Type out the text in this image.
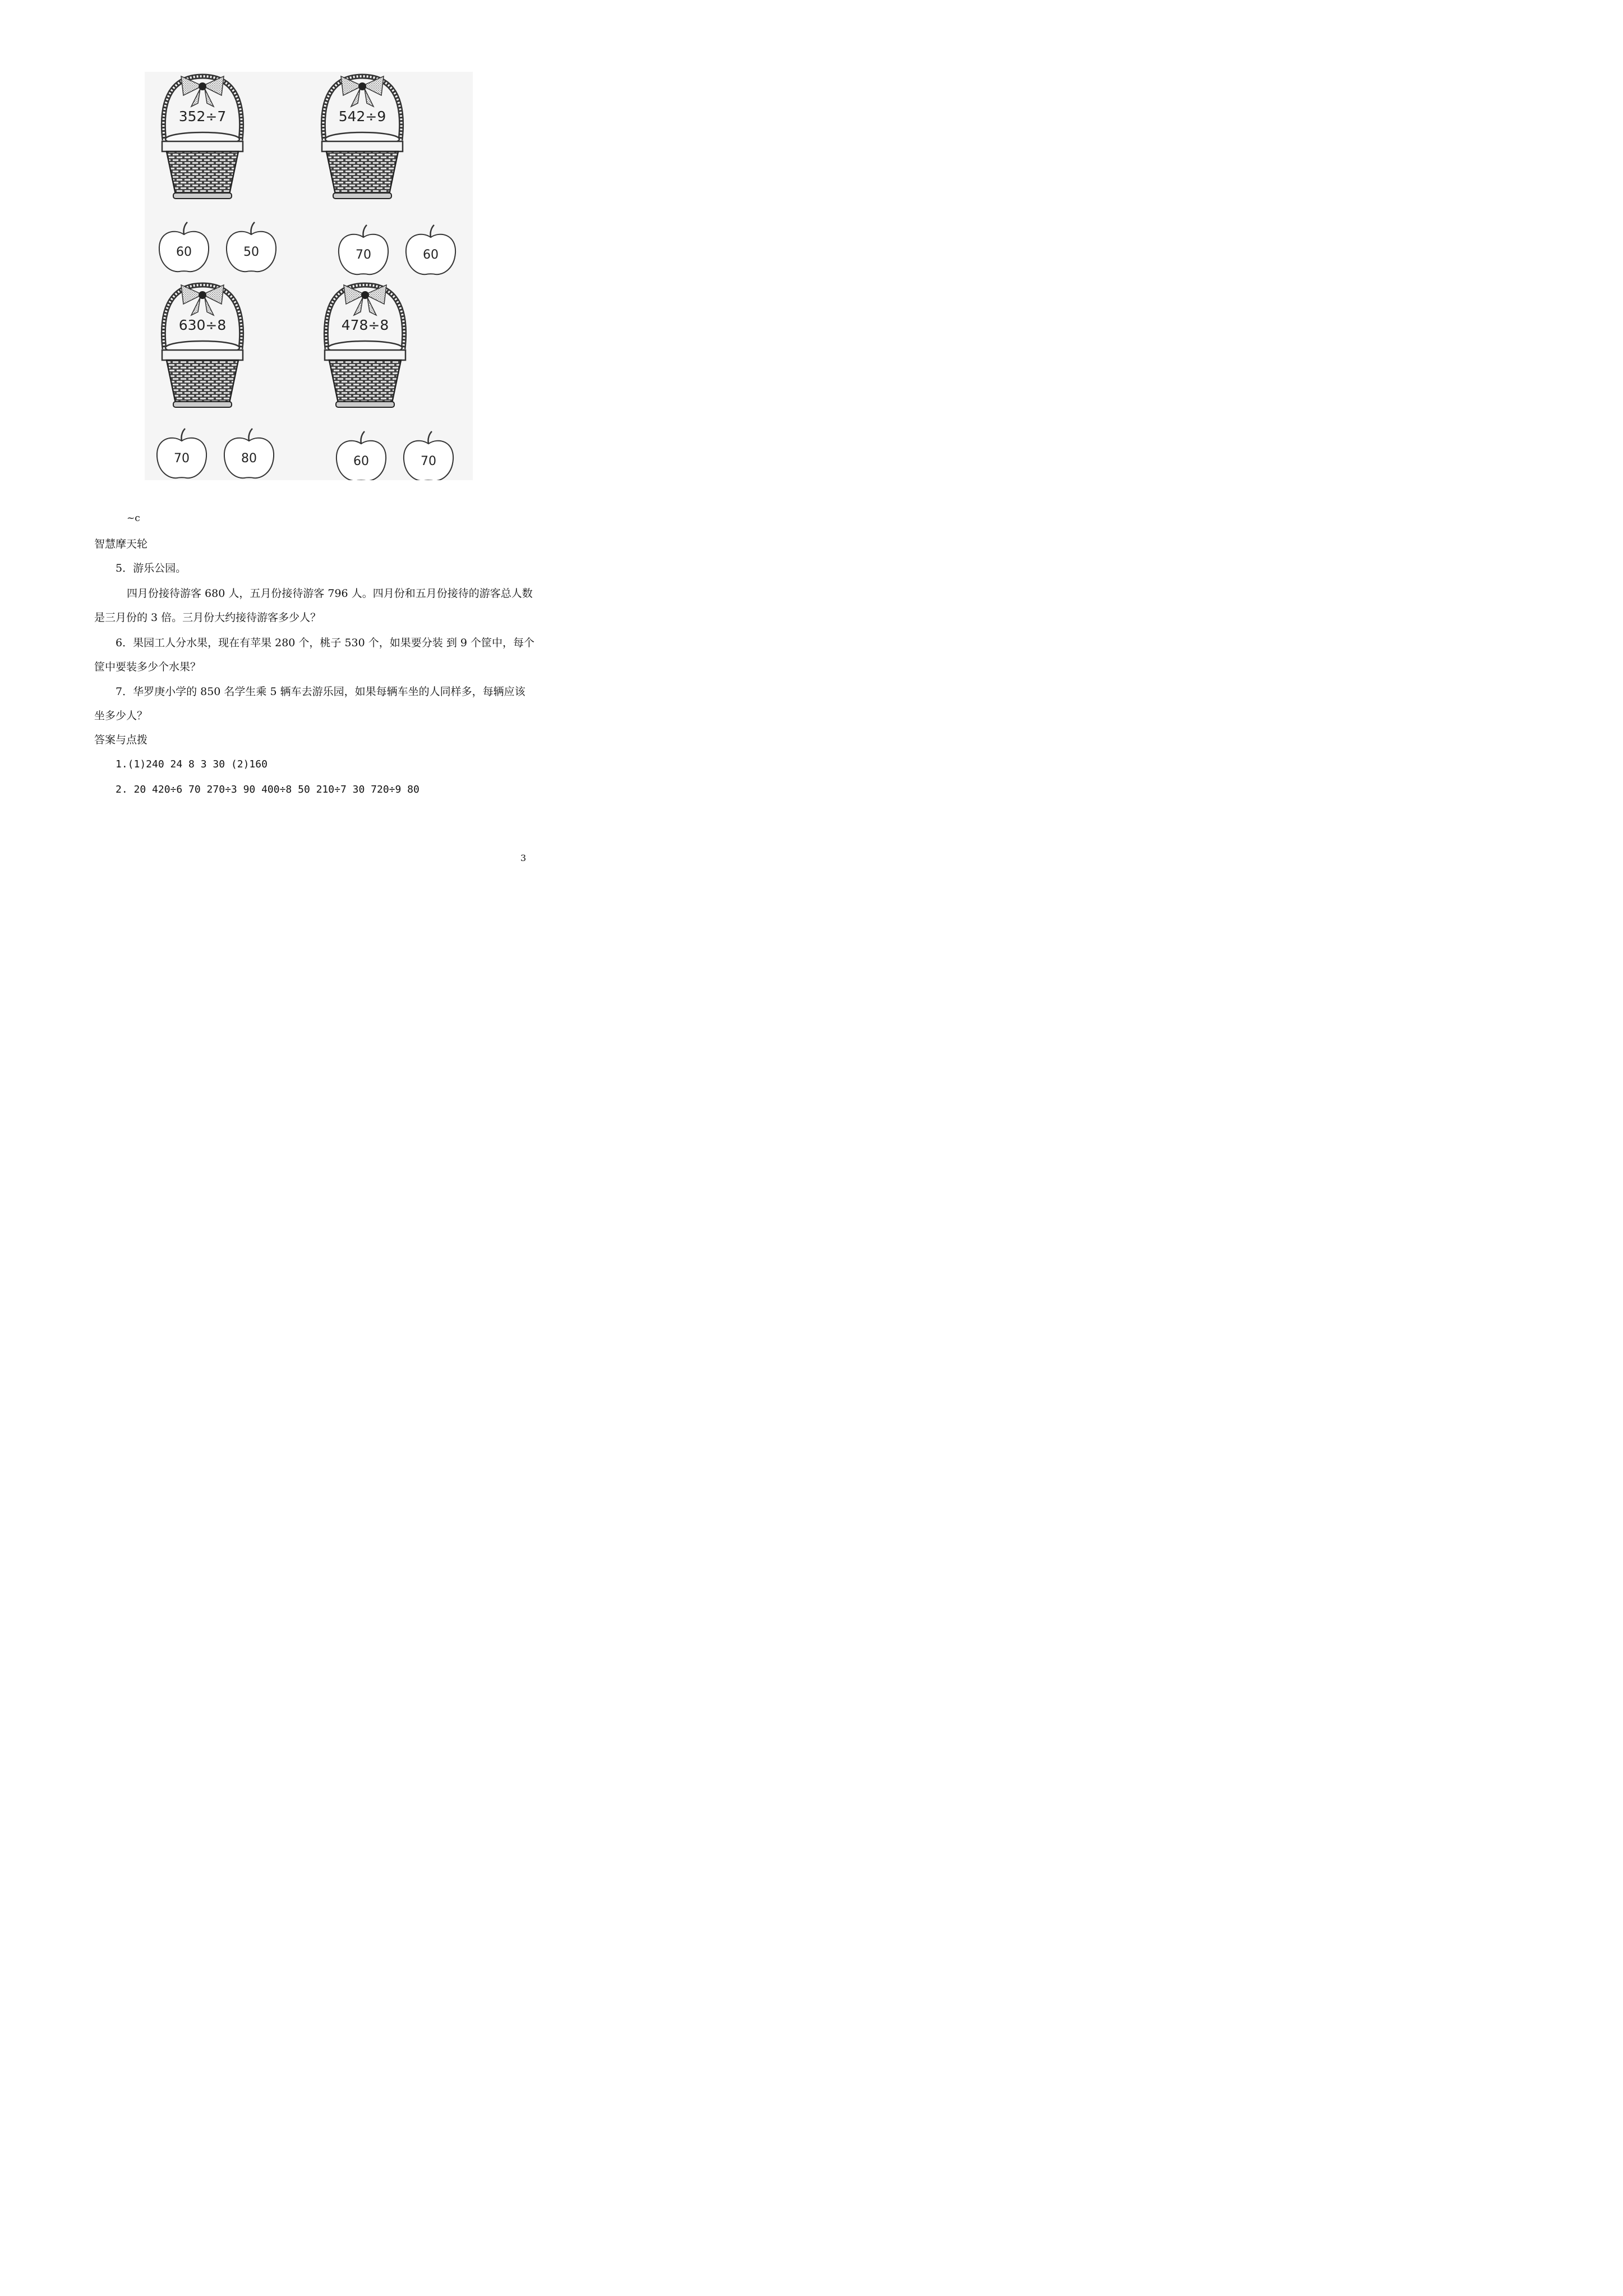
352÷7
60	50
542÷9
70	60
630÷8
70	80
478÷8
60	70
~c
智慧摩天轮
5．游乐公园。
四月份接待游客 680 人，五月份接待游客 796 人。四月份和五月份接待的游客总人数
是三月份的 3 倍。三月份大约接待游客多少人？
6．果园工人分水果，现在有苹果 280 个，桃子 530 个，如果要分装 到 9 个筐中，每个
筐中要装多少个水果？
7．华罗庚小学的 850 名学生乘 5 辆车去游乐园，如果每辆车坐的人同样多，每辆应该
坐多少人？
答案与点拨
1.(1)240 24 8 3 30 (2)160
2. 20 420÷6 70 270÷3 90 400÷8 50 210÷7 30 720÷9 80
3
